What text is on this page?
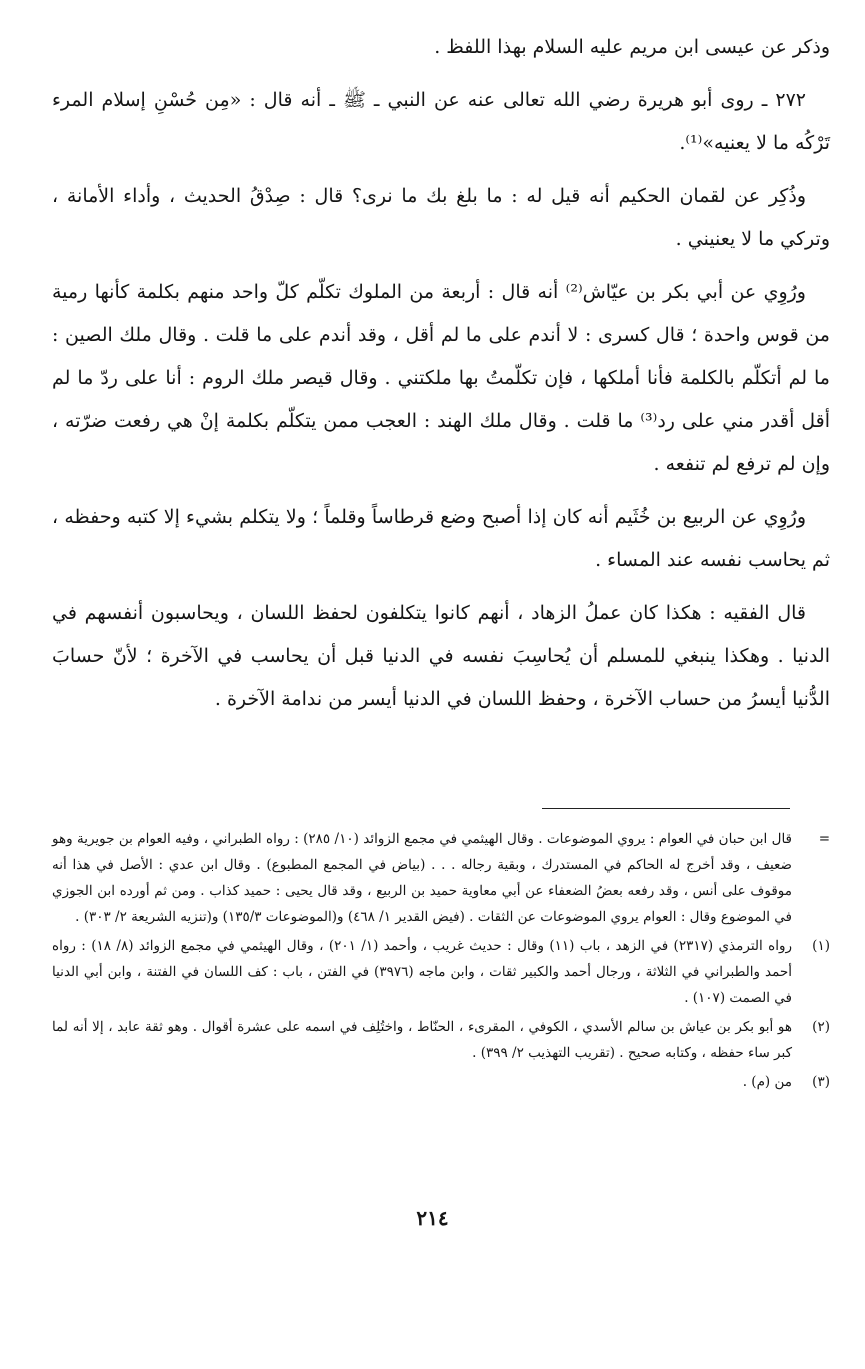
وذكر عن عيسى ابن مريم عليه السلام بهذا اللفظ .

٢٧٢ ـ روى أبو هريرة رضي الله تعالى عنه عن النبي ـ ﷺ ـ أنه قال : «مِن حُسْنِ إسلام المرء تَرْكُه ما لا يعنيه»⁽¹⁾.

وذُكِر عن لقمان الحكيم أنه قيل له : ما بلغ بك ما نرى؟ قال : صِدْقُ الحديث ، وأداء الأمانة ، وتركي ما لا يعنيني .

ورُوِي عن أبي بكر بن عيّاش⁽²⁾ أنه قال : أربعة من الملوك تكلّم كلّ واحد منهم بكلمة كأنها رمية من قوس واحدة ؛ قال كسرى : لا أندم على ما لم أقل ، وقد أندم على ما قلت . وقال ملك الصين : ما لم أتكلّم بالكلمة فأنا أملكها ، فإن تكلّمتُ بها ملكتني . وقال قيصر ملك الروم : أنا على ردّ ما لم أقل أقدر مني على رد⁽³⁾ ما قلت . وقال ملك الهند : العجب ممن يتكلّم بكلمة إنْ هي رفعت ضرّته ، وإن لم ترفع لم تنفعه .

ورُوِي عن الربيع بن خُثَيم أنه كان إذا أصبح وضع قرطاساً وقلماً ؛ ولا يتكلم بشيء إلا كتبه وحفظه ، ثم يحاسب نفسه عند المساء .

قال الفقيه : هكذا كان عملُ الزهاد ، أنهم كانوا يتكلفون لحفظ اللسان ، ويحاسبون أنفسهم في الدنيا . وهكذا ينبغي للمسلم أن يُحاسِبَ نفسه في الدنيا قبل أن يحاسب في الآخرة ؛ لأنّ حسابَ الدُّنيا أيسرُ من حساب الآخرة ، وحفظ اللسان في الدنيا أيسر من ندامة الآخرة .

=
قال ابن حبان في العوام : يروي الموضوعات . وقال الهيثمي في مجمع الزوائد (١٠/ ٢٨٥) : رواه الطبراني ، وفيه العوام بن جويرية وهو ضعيف ، وقد أخرج له الحاكم في المستدرك ، وبقية رجاله . . . (بياض في المجمع المطبوع) . وقال ابن عدي : الأصل في هذا أنه موقوف على أنس ، وقد رفعه بعضُ الضعفاء عن أبي معاوية حميد بن الربيع ، وقد قال يحيى : حميد كذاب . ومن ثم أورده ابن الجوزي في الموضوع وقال : العوام يروي الموضوعات عن الثقات . (فيض القدير ١/ ٤٦٨) و(الموضوعات ١٣٥/٣) و(تنزيه الشريعة ٢/ ٣٠٣) .
(١)
رواه الترمذي (٢٣١٧) في الزهد ، باب (١١) وقال : حديث غريب ، وأحمد (١/ ٢٠١) ، وقال الهيثمي في مجمع الزوائد (٨/ ١٨) : رواه أحمد والطبراني في الثلاثة ، ورجال أحمد والكبير ثقات ، وابن ماجه (٣٩٧٦) في الفتن ، باب : كف اللسان في الفتنة ، وابن أبي الدنيا في الصمت (١٠٧) .
(٢)
هو أبو بكر بن عياش بن سالم الأسدي ، الكوفي ، المقرىء ، الحنّاط ، واختُلِف في اسمه على عشرة أقوال . وهو ثقة عابد ، إلا أنه لما كبر ساء حفظه ، وكتابه صحيح . (تقريب التهذيب ٢/ ٣٩٩) .
(٣)
من (م) .
٢١٤
